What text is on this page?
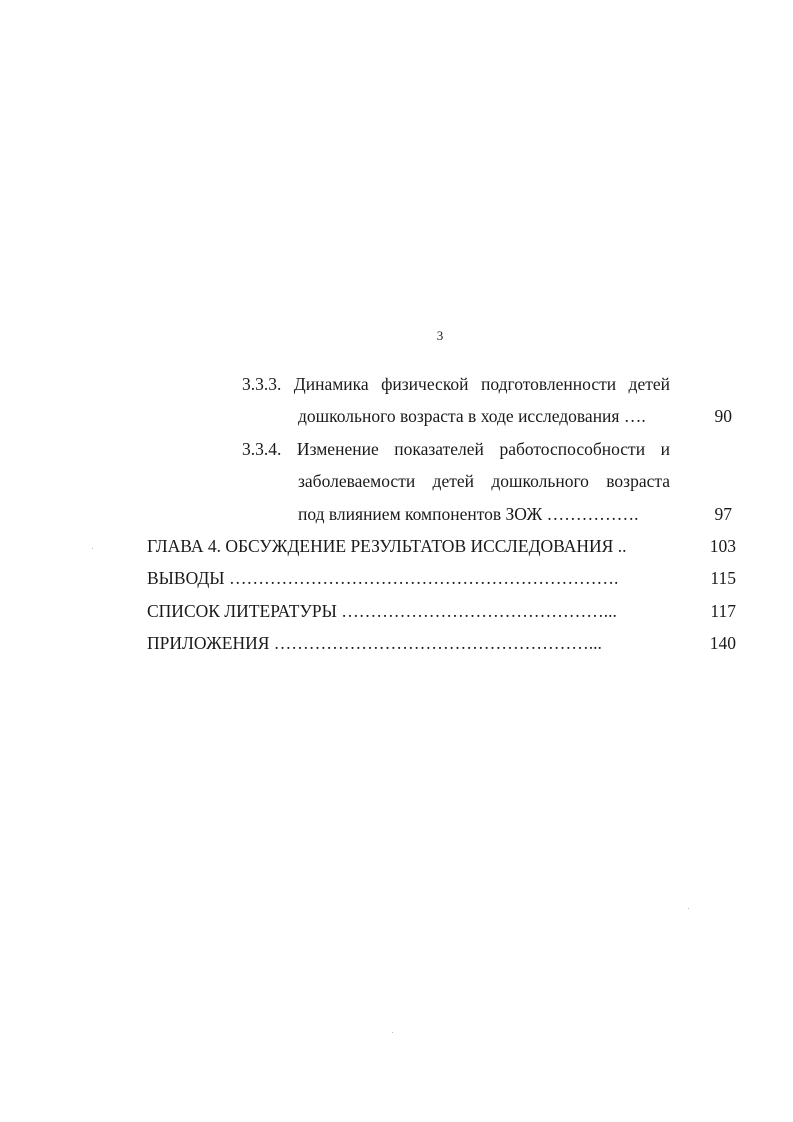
3
3.3.3. Динамика физической подготовленности детей
дошкольного возраста в ходе исследования ….	90
3.3.4. Изменение показателей работоспособности и
заболеваемости детей дошкольного возраста
под влиянием компонентов ЗОЖ …………….	97
ГЛАВА 4. ОБСУЖДЕНИЕ РЕЗУЛЬТАТОВ ИССЛЕДОВАНИЯ ..	103
ВЫВОДЫ ………………………………………………………….	115
СПИСОК ЛИТЕРАТУРЫ ………………………………………...	117
ПРИЛОЖЕНИЯ ………………………………………………...	140
